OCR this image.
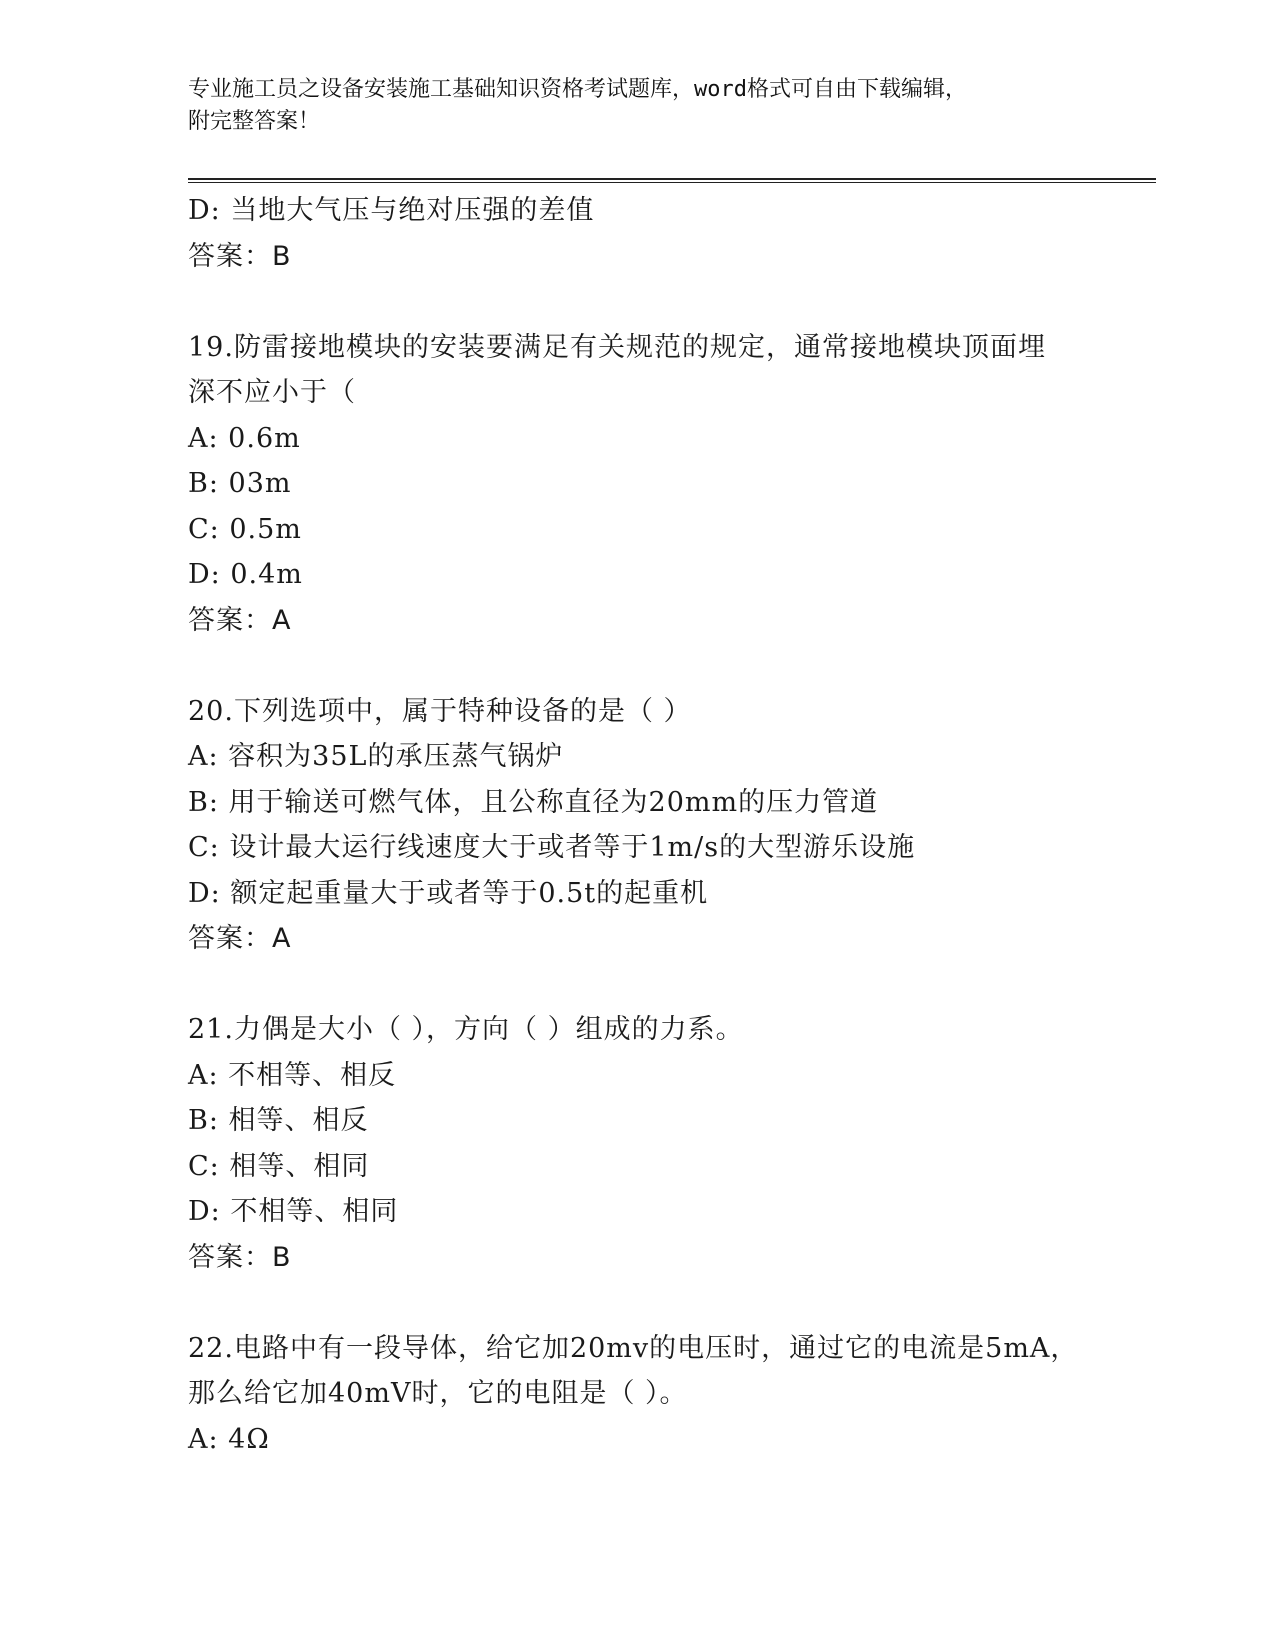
专业施工员之设备安装施工基础知识资格考试题库，word格式可自由下载编辑，
附完整答案！
D: 当地大气压与绝对压强的差值
答案：B
19.防雷接地模块的安装要满足有关规范的规定，通常接地模块顶面埋
深不应小于（
A: 0.6m
B: 03m
C: 0.5m
D: 0.4m
答案：A
20.下列选项中，属于特种设备的是（ ）
A: 容积为35L的承压蒸气锅炉
B: 用于输送可燃气体，且公称直径为20mm的压力管道
C: 设计最大运行线速度大于或者等于1m/s的大型游乐设施
D: 额定起重量大于或者等于0.5t的起重机
答案：A
21.力偶是大小（ ），方向（ ）组成的力系。
A: 不相等、相反
B: 相等、相反
C: 相等、相同
D: 不相等、相同
答案：B
22.电路中有一段导体，给它加20mv的电压时，通过它的电流是5mA，
那么给它加40mV时，它的电阻是（ ）。
A: 4Ω
